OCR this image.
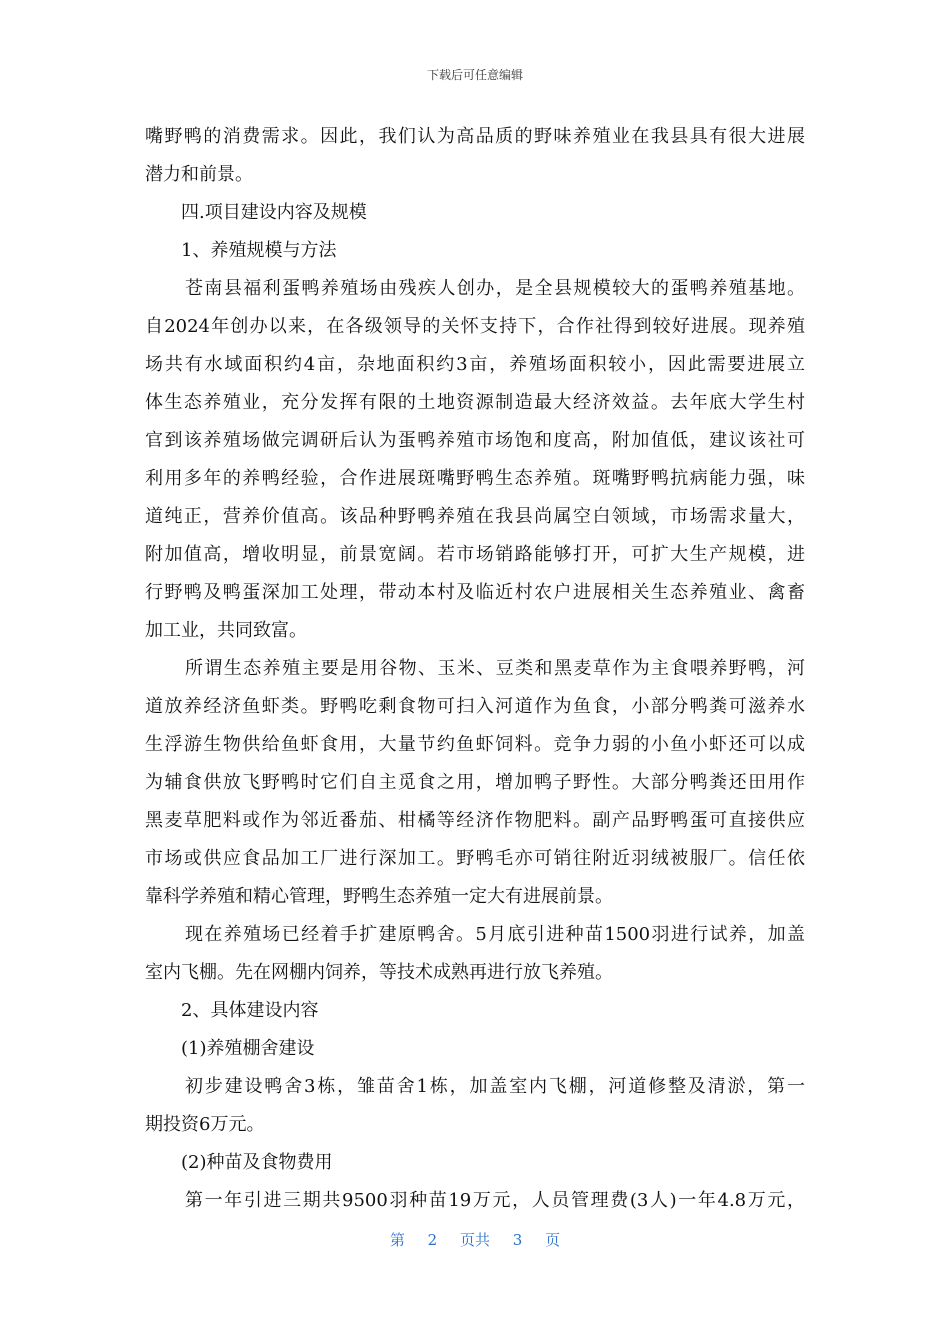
下载后可任意编辑
嘴野鸭的消费需求。因此，我们认为高品质的野味养殖业在我县具有很大进展
潜力和前景。
四.项目建设内容及规模
1、养殖规模与方法
苍南县福利蛋鸭养殖场由残疾人创办，是全县规模较大的蛋鸭养殖基地。
自2024年创办以来，在各级领导的关怀支持下，合作社得到较好进展。现养殖
场共有水域面积约4亩，杂地面积约3亩，养殖场面积较小，因此需要进展立
体生态养殖业，充分发挥有限的土地资源制造最大经济效益。去年底大学生村
官到该养殖场做完调研后认为蛋鸭养殖市场饱和度高，附加值低，建议该社可
利用多年的养鸭经验，合作进展斑嘴野鸭生态养殖。斑嘴野鸭抗病能力强，味
道纯正，营养价值高。该品种野鸭养殖在我县尚属空白领域，市场需求量大，
附加值高，增收明显，前景宽阔。若市场销路能够打开，可扩大生产规模，进
行野鸭及鸭蛋深加工处理，带动本村及临近村农户进展相关生态养殖业、禽畜
加工业，共同致富。
所谓生态养殖主要是用谷物、玉米、豆类和黑麦草作为主食喂养野鸭，河
道放养经济鱼虾类。野鸭吃剩食物可扫入河道作为鱼食，小部分鸭粪可滋养水
生浮游生物供给鱼虾食用，大量节约鱼虾饲料。竞争力弱的小鱼小虾还可以成
为辅食供放飞野鸭时它们自主觅食之用，增加鸭子野性。大部分鸭粪还田用作
黑麦草肥料或作为邻近番茄、柑橘等经济作物肥料。副产品野鸭蛋可直接供应
市场或供应食品加工厂进行深加工。野鸭毛亦可销往附近羽绒被服厂。信任依
靠科学养殖和精心管理，野鸭生态养殖一定大有进展前景。
现在养殖场已经着手扩建原鸭舍。5月底引进种苗1500羽进行试养，加盖
室内飞棚。先在网棚内饲养，等技术成熟再进行放飞养殖。
2、具体建设内容
(1)养殖棚舍建设
初步建设鸭舍3栋，雏苗舍1栋，加盖室内飞棚，河道修整及清淤，第一
期投资6万元。
(2)种苗及食物费用
第一年引进三期共9500羽种苗19万元，人员管理费(3人)一年4.8万元，
第 2 页共 3 页
